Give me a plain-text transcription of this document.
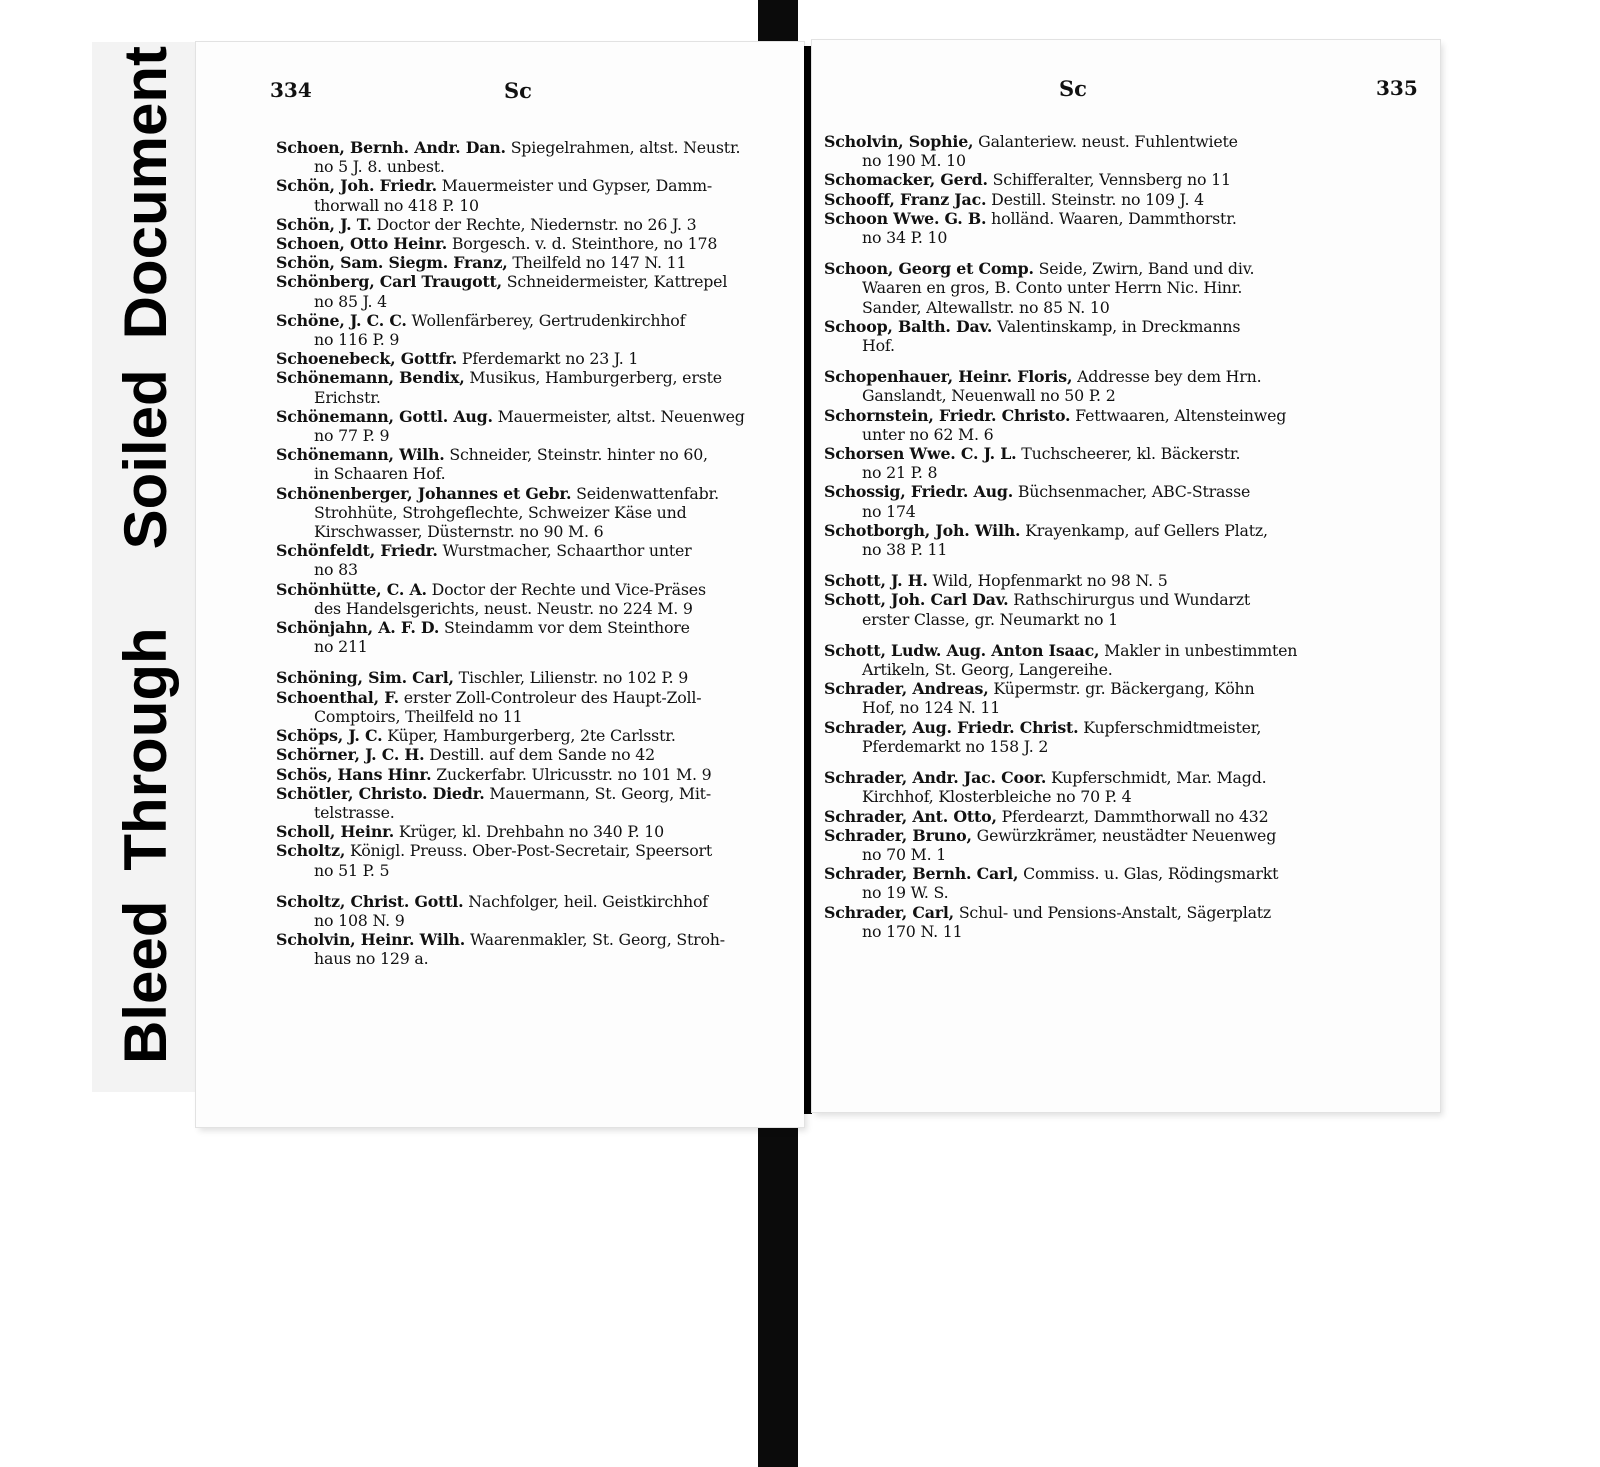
Bleed
Through
Soiled
Document	334	Sc
Schoen, Bernh. Andr. Dan. Spiegelrahmen, altst. Neustr.
no 5 J. 8. unbest.
Schön, Joh. Friedr. Mauermeister und Gypser, Damm-
thorwall no 418 P. 10
Schön, J. T. Doctor der Rechte, Niedernstr. no 26 J. 3
Schoen, Otto Heinr. Borgesch. v. d. Steinthore, no 178
Schön, Sam. Siegm. Franz, Theilfeld no 147 N. 11
Schönberg, Carl Traugott, Schneidermeister, Kattrepel
no 85 J. 4
Schöne, J. C. C. Wollenfärberey, Gertrudenkirchhof
no 116 P. 9
Schoenebeck, Gottfr. Pferdemarkt no 23 J. 1
Schönemann, Bendix, Musikus, Hamburgerberg, erste
Erichstr.
Schönemann, Gottl. Aug. Mauermeister, altst. Neuenweg
no 77 P. 9
Schönemann, Wilh. Schneider, Steinstr. hinter no 60,
in Schaaren Hof.
Schönenberger, Johannes et Gebr. Seidenwattenfabr.
Strohhüte, Strohgeflechte, Schweizer Käse und
Kirschwasser, Düsternstr. no 90 M. 6
Schönfeldt, Friedr. Wurstmacher, Schaarthor unter
no 83
Schönhütte, C. A. Doctor der Rechte und Vice-Präses
des Handelsgerichts, neust. Neustr. no 224 M. 9
Schönjahn, A. F. D. Steindamm vor dem Steinthore
no 211
Schöning, Sim. Carl, Tischler, Lilienstr. no 102 P. 9
Schoenthal, F. erster Zoll-Controleur des Haupt-Zoll-
Comptoirs, Theilfeld no 11
Schöps, J. C. Küper, Hamburgerberg, 2te Carlsstr.
Schörner, J. C. H. Destill. auf dem Sande no 42
Schös, Hans Hinr. Zuckerfabr. Ulricusstr. no 101 M. 9
Schötler, Christo. Diedr. Mauermann, St. Georg, Mit-
telstrasse.
Scholl, Heinr. Krüger, kl. Drehbahn no 340 P. 10
Scholtz, Königl. Preuss. Ober-Post-Secretair, Speersort
no 51 P. 5
Scholtz, Christ. Gottl. Nachfolger, heil. Geistkirchhof
no 108 N. 9
Scholvin, Heinr. Wilh. Waarenmakler, St. Georg, Stroh-
haus no 129 a.
Sc	335
Scholvin, Sophie, Galanteriew. neust. Fuhlentwiete
no 190 M. 10
Schomacker, Gerd. Schifferalter, Vennsberg no 11
Schooff, Franz Jac. Destill. Steinstr. no 109 J. 4
Schoon Wwe. G. B. holländ. Waaren, Dammthorstr.
no 34 P. 10
Schoon, Georg et Comp. Seide, Zwirn, Band und div.
Waaren en gros, B. Conto unter Herrn Nic. Hinr.
Sander, Altewallstr. no 85 N. 10
Schoop, Balth. Dav. Valentinskamp, in Dreckmanns
Hof.
Schopenhauer, Heinr. Floris, Addresse bey dem Hrn.
Ganslandt, Neuenwall no 50 P. 2
Schornstein, Friedr. Christo. Fettwaaren, Altensteinweg
unter no 62 M. 6
Schorsen Wwe. C. J. L. Tuchscheerer, kl. Bäckerstr.
no 21 P. 8
Schossig, Friedr. Aug. Büchsenmacher, ABC-Strasse
no 174
Schotborgh, Joh. Wilh. Krayenkamp, auf Gellers Platz,
no 38 P. 11
Schott, J. H. Wild, Hopfenmarkt no 98 N. 5
Schott, Joh. Carl Dav. Rathschirurgus und Wundarzt
erster Classe, gr. Neumarkt no 1
Schott, Ludw. Aug. Anton Isaac, Makler in unbestimmten
Artikeln, St. Georg, Langereihe.
Schrader, Andreas, Küpermstr. gr. Bäckergang, Köhn
Hof, no 124 N. 11
Schrader, Aug. Friedr. Christ. Kupferschmidtmeister,
Pferdemarkt no 158 J. 2
Schrader, Andr. Jac. Coor. Kupferschmidt, Mar. Magd.
Kirchhof, Klosterbleiche no 70 P. 4
Schrader, Ant. Otto, Pferdearzt, Dammthorwall no 432
Schrader, Bruno, Gewürzkrämer, neustädter Neuenweg
no 70 M. 1
Schrader, Bernh. Carl, Commiss. u. Glas, Rödingsmarkt
no 19 W. S.
Schrader, Carl, Schul- und Pensions-Anstalt, Sägerplatz
no 170 N. 11
